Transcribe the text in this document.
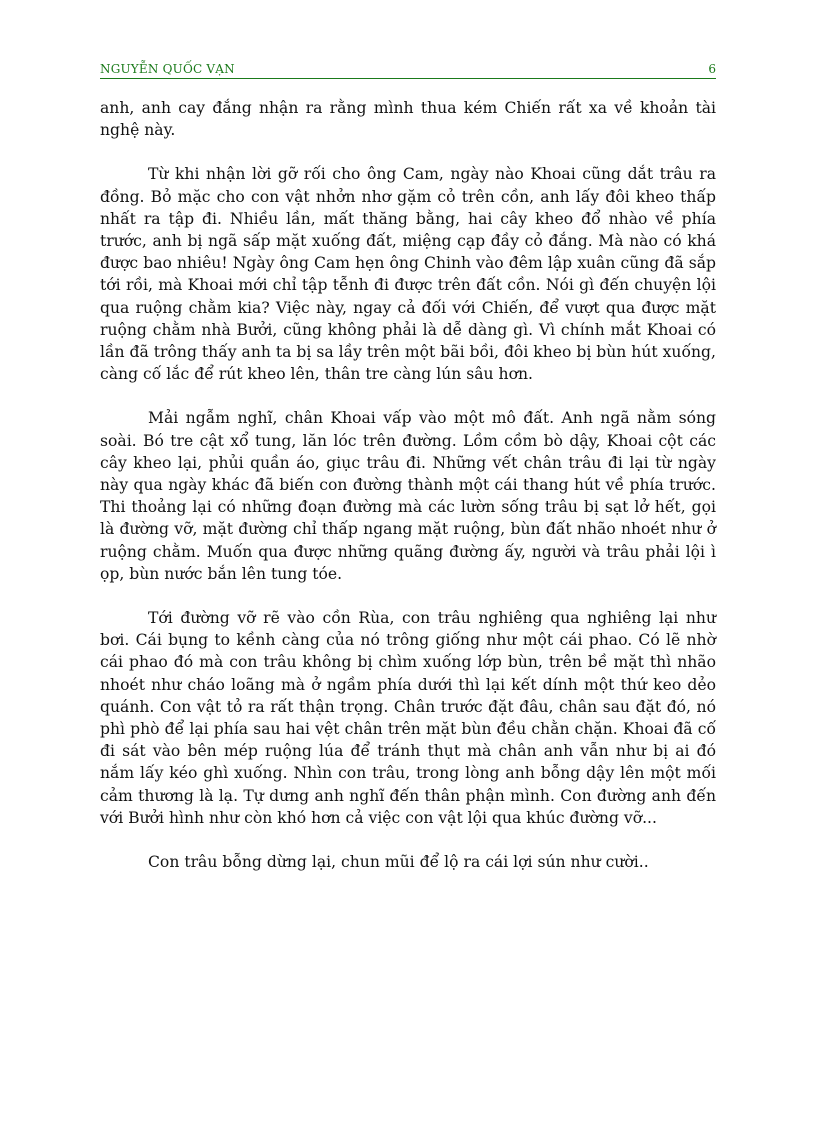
NGUYỄN QUỐC VẠN	6

anh, anh cay đắng nhận ra rằng mình thua kém Chiến rất xa về khoản tài nghệ này.

Từ khi nhận lời gỡ rối cho ông Cam, ngày nào Khoai cũng dắt trâu ra đồng. Bỏ mặc cho con vật nhởn nhơ gặm cỏ trên cồn, anh lấy đôi kheo thấp nhất ra tập đi. Nhiều lần, mất thăng bằng, hai cây kheo đổ nhào về phía trước, anh bị ngã sấp mặt xuống đất, miệng cạp đầy cỏ đắng. Mà nào có khá được bao nhiêu! Ngày ông Cam hẹn ông Chinh vào đêm lập xuân cũng đã sắp tới rồi, mà Khoai mới chỉ tập tễnh đi được trên đất cồn. Nói gì đến chuyện lội qua ruộng chằm kia? Việc này, ngay cả đối với Chiến, để vượt qua được mặt ruộng chằm nhà Bưởi, cũng không phải là dễ dàng gì. Vì chính mắt Khoai có lần đã trông thấy anh ta bị sa lầy trên một bãi bồi, đôi kheo bị bùn hút xuống, càng cố lắc để rút kheo lên, thân tre càng lún sâu hơn.

Mải ngẫm nghĩ, chân Khoai vấp vào một mô đất. Anh ngã nằm sóng soài. Bó tre cật xổ tung, lăn lóc trên đường. Lồm cồm bò dậy, Khoai cột các cây kheo lại, phủi quần áo, giục trâu đi. Những vết chân trâu đi lại từ ngày này qua ngày khác đã biến con đường thành một cái thang hút về phía trước. Thi thoảng lại có những đoạn đường mà các lườn sống trâu bị sạt lở hết, gọi là đường vỡ, mặt đường chỉ thấp ngang mặt ruộng, bùn đất nhão nhoét như ở ruộng chằm. Muốn qua được những quãng đường ấy, người và trâu phải lội ì ọp, bùn nước bắn lên tung tóe.

Tới đường vỡ rẽ vào cồn Rùa, con trâu nghiêng qua nghiêng lại như bơi. Cái bụng to kềnh càng của nó trông giống như một cái phao. Có lẽ nhờ cái phao đó mà con trâu không bị chìm xuống lớp bùn, trên bề mặt thì nhão nhoét như cháo loãng mà ở ngầm phía dưới thì lại kết dính một thứ keo dẻo quánh. Con vật tỏ ra rất thận trọng. Chân trước đặt đâu, chân sau đặt đó, nó phì phò để lại phía sau hai vệt chân trên mặt bùn đều chằn chặn. Khoai đã cố đi sát vào bên mép ruộng lúa để tránh thụt mà chân anh vẫn như bị ai đó nắm lấy kéo ghì xuống. Nhìn con trâu, trong lòng anh bỗng dậy lên một mối cảm thương là lạ. Tự dưng anh nghĩ đến thân phận mình. Con đường anh đến với Bưởi hình như còn khó hơn cả việc con vật lội qua khúc đường vỡ...

Con trâu bỗng dừng lại, chun mũi để lộ ra cái lợi sún như cười..
